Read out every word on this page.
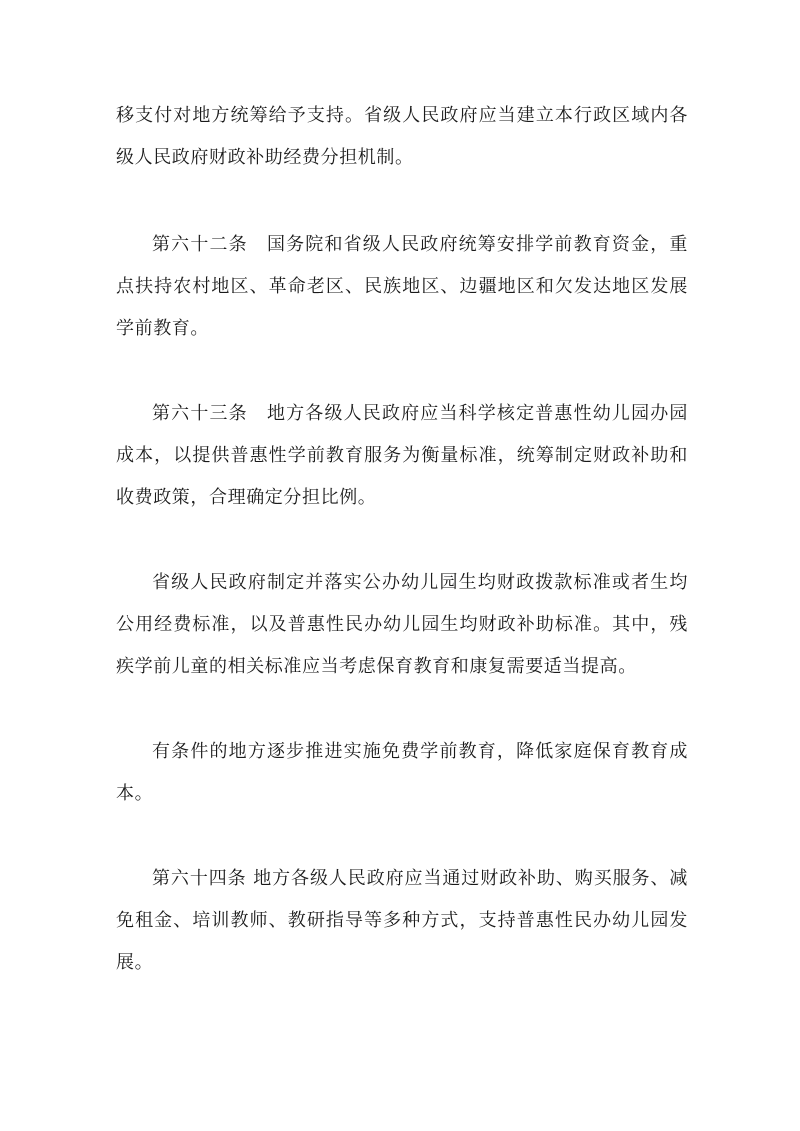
移支付对地方统筹给予支持。省级人民政府应当建立本行政区域内各级人民政府财政补助经费分担机制。

第六十二条　国务院和省级人民政府统筹安排学前教育资金，重点扶持农村地区、革命老区、民族地区、边疆地区和欠发达地区发展学前教育。

第六十三条　地方各级人民政府应当科学核定普惠性幼儿园办园成本，以提供普惠性学前教育服务为衡量标准，统筹制定财政补助和收费政策，合理确定分担比例。

省级人民政府制定并落实公办幼儿园生均财政拨款标准或者生均公用经费标准，以及普惠性民办幼儿园生均财政补助标准。其中，残疾学前儿童的相关标准应当考虑保育教育和康复需要适当提高。

有条件的地方逐步推进实施免费学前教育，降低家庭保育教育成本。

第六十四条 地方各级人民政府应当通过财政补助、购买服务、减免租金、培训教师、教研指导等多种方式，支持普惠性民办幼儿园发展。
